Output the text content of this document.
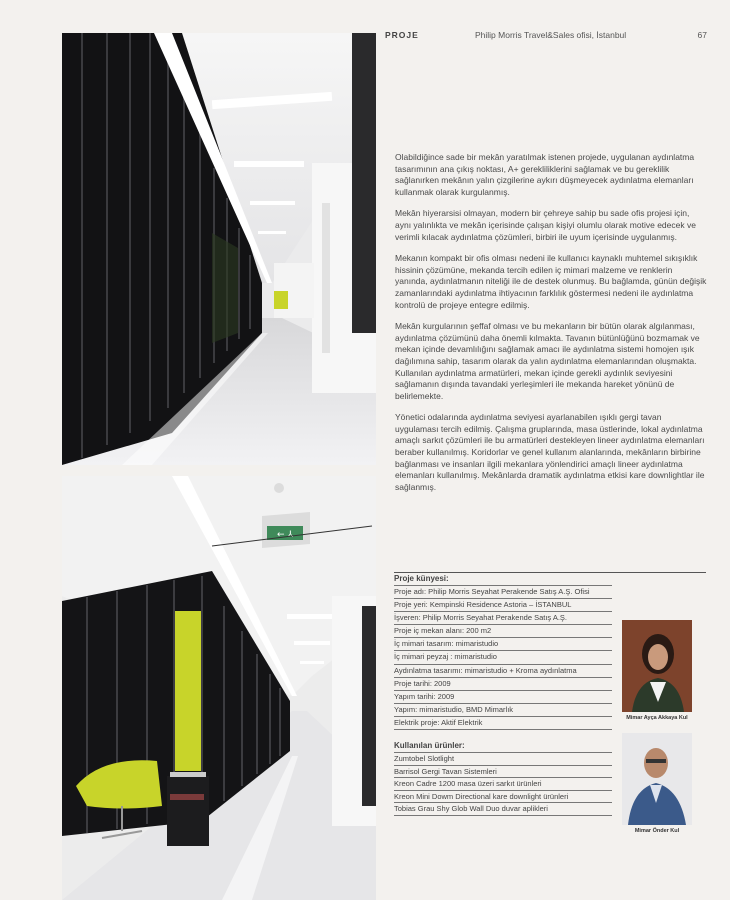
PROJE	Philip Morris Travel&Sales ofisi, İstanbul	67
← ⅄

Olabildiğince sade bir mekân yaratılmak istenen projede, uygulanan aydınlatma tasarımının ana çıkış noktası, A+ gerekliliklerini sağlamak ve bu gereklilik sağlanırken mekânın yalın çizgilerine aykırı düşmeyecek aydınlatma elemanları kullanmak olarak kurgulanmış.

Mekân hiyerarsisi olmayan, modern bir çehreye sahip bu sade ofis projesi için, aynı yalınlıkta ve mekân içerisinde çalışan kişiyi olumlu olarak motive edecek ve verimli kılacak aydınlatma çözümleri, birbiri ile uyum içerisinde uygulanmış.

Mekanın kompakt bir ofis olması nedeni ile kullanıcı kaynaklı muhtemel sıkışıklık hissinin çözümüne, mekanda tercih edilen iç mimari malzeme ve renklerin yanında, aydınlatmanın niteliği ile de destek olunmuş. Bu bağlamda, günün değişik zamanlarındaki aydınlatma ihtiyacının farklılık göstermesi nedeni ile aydınlatma kontrolü de projeye entegre edilmiş.

Mekân kurgularının şeffaf olması ve bu mekanların bir bütün olarak algılanması, aydınlatma çözümünü daha önemli kılmakta. Tavanın bütünlüğünü bozmamak ve mekan içinde devamlılığını sağlamak amacı ile aydınlatma sistemi homojen ışık dağılımına sahip, tasarım olarak da yalın aydınlatma elemanlarından oluşmakta. Kullanılan aydınlatma armatürleri, mekan içinde gerekli aydınlık seviyesini sağlamanın dışında tavandaki yerleşimleri ile mekanda hareket yönünü de belirlemekte.

Yönetici odalarında aydınlatma seviyesi ayarlanabilen ışıklı gergi tavan uygulaması tercih edilmiş. Çalışma gruplarında, masa üstlerinde, lokal aydınlatma amaçlı sarkıt çözümleri ile bu armatürleri destekleyen lineer aydınlatma elemanları beraber kullanılmış. Koridorlar ve genel kullanım alanlarında, mekânların birbirine bağlanması ve insanları ilgili mekanlara yönlendirici amaçlı lineer aydınlatma elemanları kullanılmış. Mekânlarda dramatik aydınlatma etkisi kare downlightlar ile sağlanmış.

Proje künyesi:
Proje adı: Philip Morris Seyahat Perakende Satış A.Ş. Ofisi
Proje yeri: Kempinski Residence Astoria – İSTANBUL
İşveren: Philip Morris Seyahat Perakende Satış A.Ş.
Proje iç mekan alanı: 200 m2
İç mimari tasarım: mimaristudio
İç mimari peyzaj : mimaristudio
Aydınlatma tasarımı: mimaristudio + Kroma aydınlatma
Proje tarihi: 2009
Yapım tarihi: 2009
Yapım: mimaristudio, BMD Mimarlık
Elektrik proje: Aktif Elektrik
Kullanılan ürünler:
Zumtobel Slotlight
Barrisol Gergi Tavan Sistemleri
Kreon Cadre 1200 masa üzeri sarkıt ürünleri
Kreon Mini Dowm Directional kare downlight ürünleri
Tobias Grau Shy Glob Wall Duo duvar aplikleri
Mimar Ayça Akkaya Kul
Mimar Önder Kul
